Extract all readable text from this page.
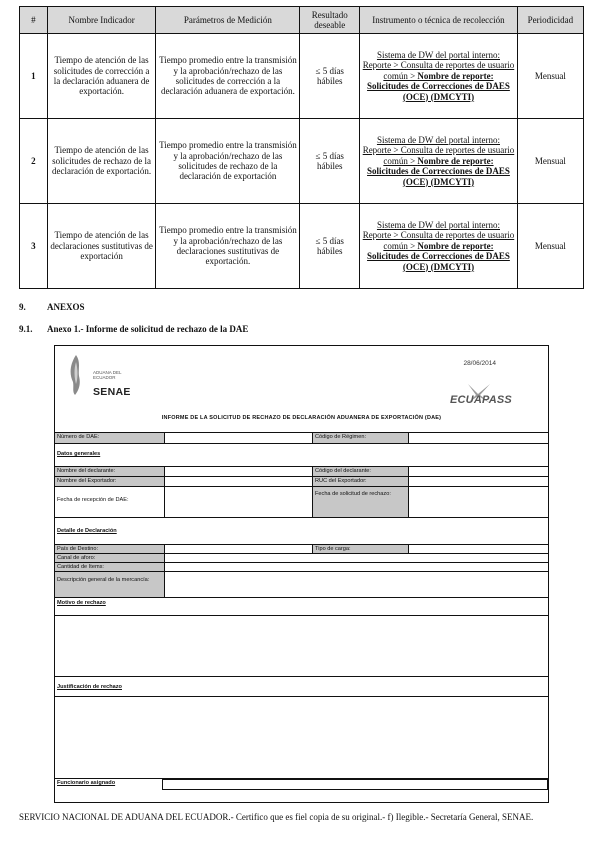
#	Nombre Indicador	Parámetros de Medición	Resultado deseable	Instrumento o técnica de recolección	Periodicidad
1	Tiempo de atención de las solicitudes de corrección a la declaración aduanera de exportación.	Tiempo promedio entre la transmisión y la aprobación/rechazo de las solicitudes de corrección a la declaración aduanera de exportación.	≤ 5 días hábiles	Sistema de DW del portal interno: Reporte > Consulta de reportes de usuario común > Nombre de reporte: Solicitudes de Correcciones de DAES (OCE) (DMCYTI)	Mensual
2	Tiempo de atención de las solicitudes de rechazo de la declaración de exportación.	Tiempo promedio entre la transmisión y la aprobación/rechazo de las solicitudes de rechazo de la declaración de exportación	≤ 5 días hábiles	Sistema de DW del portal interno: Reporte > Consulta de reportes de usuario común > Nombre de reporte: Solicitudes de Correcciones de DAES (OCE) (DMCYTI)	Mensual
3	Tiempo de atención de las declaraciones sustitutivas de exportación	Tiempo promedio entre la transmisión y la aprobación/rechazo de las declaraciones sustitutivas de exportación.	≤ 5 días hábiles	Sistema de DW del portal interno: Reporte > Consulta de reportes de usuario común > Nombre de reporte: Solicitudes de Correcciones de DAES (OCE) (DMCYTI)	Mensual
9. ANEXOS
9.1. Anexo 1.- Informe de solicitud de rechazo de la DAE
ADUANA DEL ECUADOR
SENAE
28/06/2014
ECUAPASS
INFORME DE LA SOLICITUD DE RECHAZO DE DECLARACIÓN ADUANERA DE EXPORTACIÓN (DAE)
Número de DAE:	Código de Régimen:
Datos generales
Nombre del declarante:	Código del declarante:
Nombre del Exportador:	RUC del Exportador:
Fecha de recepción de DAE:
Fecha de solicitud de rechazo:
Detalle de Declaración
País de Destino:	Tipo de carga:
Canal de aforo:
Cantidad de Items:
Descripción general de la mercancía:
Motivo de rechazo
Justificación de rechazo
Funcionario asignado
SERVICIO NACIONAL DE ADUANA DEL ECUADOR.- Certifico que es fiel copia de su original.- f) Ilegible.- Secretaría General, SENAE.
